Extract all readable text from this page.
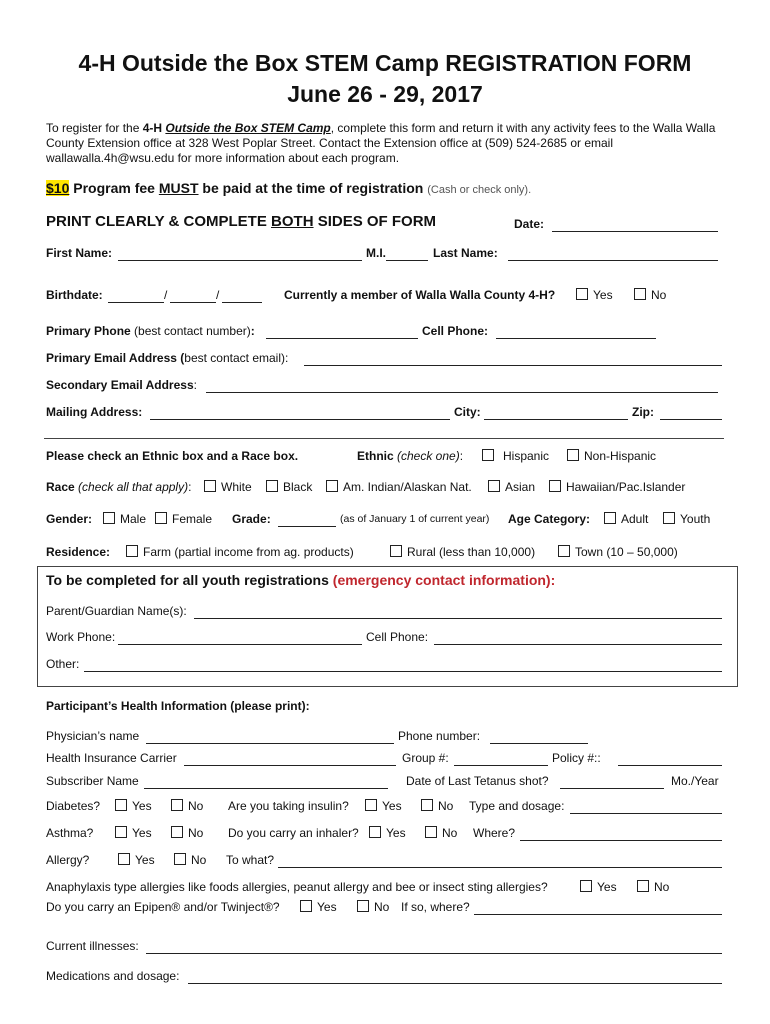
4-H Outside the Box STEM Camp REGISTRATION FORM
June 26 - 29, 2017
To register for the 4-H Outside the Box STEM Camp, complete this form and return it with any activity fees to the Walla Walla County Extension office at 328 West Poplar Street. Contact the Extension office at (509) 524-2685 or email wallawalla.4h@wsu.edu for more information about each program.
$10 Program fee MUST be paid at the time of registration (Cash or check only).
PRINT CLEARLY & COMPLETE BOTH SIDES OF FORM	Date:
First Name:	M.I.	Last Name:
Birthdate:	/	/	Currently a member of Walla Walla County 4-H?	Yes	No
Primary Phone (best contact number):	Cell Phone:
Primary Email Address (best contact email):
Secondary Email Address:
Mailing Address:	City:	Zip:
Please check an Ethnic box and a Race box.	Ethnic (check one):	Hispanic	Non-Hispanic
Race (check all that apply):	White	Black	Am. Indian/Alaskan Nat.	Asian	Hawaiian/Pac.Islander
Gender:	Male	Female Grade:	(as of January 1 of current year) Age Category:	Adult	Youth
Residence:	Farm (partial income from ag. products)	Rural (less than 10,000)	Town (10 – 50,000)
To be completed for all youth registrations (emergency contact information):
Parent/Guardian Name(s):
Work Phone:	Cell Phone:
Other:
Participant’s Health Information (please print):
Physician’s name	Phone number:
Health Insurance Carrier	Group #:	Policy #::
Subscriber Name	Date of Last Tetanus shot?	Mo./Year
Diabetes?	Yes	No Are you taking insulin?	Yes	No Type and dosage:
Asthma?	Yes	No Do you carry an inhaler?	Yes	No Where?
Allergy?	Yes	No To what?
Anaphylaxis type allergies like foods allergies, peanut allergy and bee or insect sting allergies?	Yes	No
Do you carry an Epipen® and/or Twinject®?	Yes	No If so, where?
Current illnesses:
Medications and dosage:
